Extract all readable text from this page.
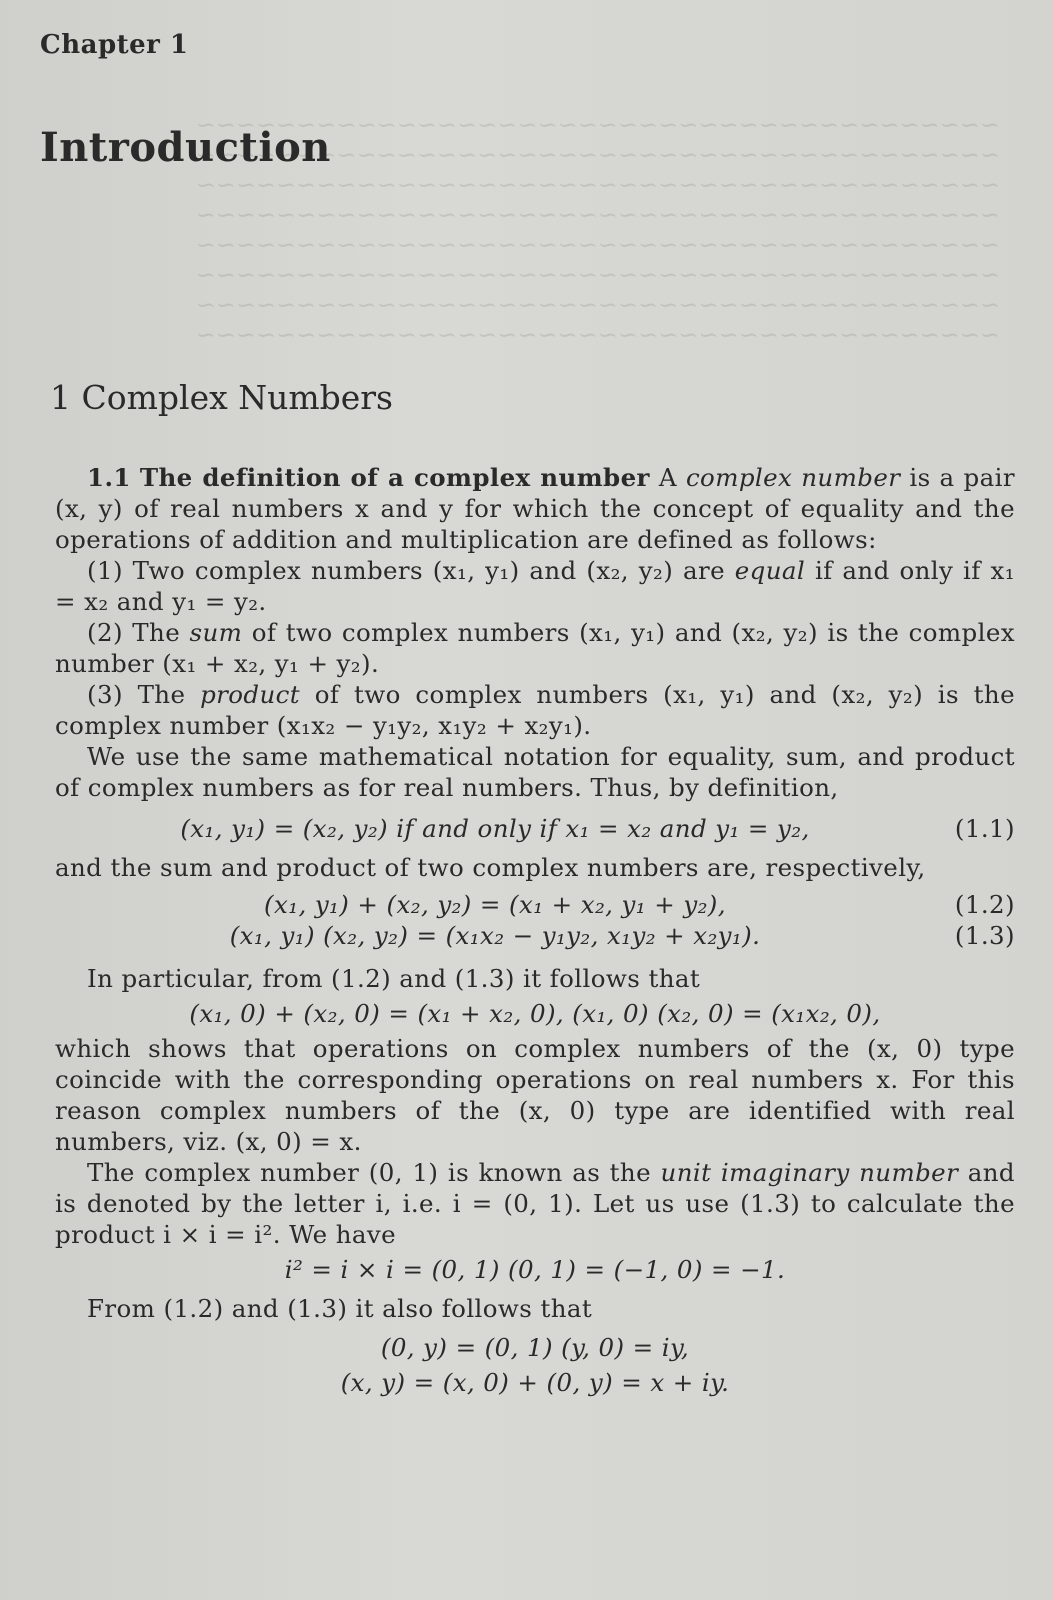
~~~~~~~~~~~~~~~~~~~~~~~~~~~~~~~~~~~~~~~~
~~~~~~~~~~~~~~~~~~~~~~~~~~~~~~~~~~~~~~~~
~~~~~~~~~~~~~~~~~~~~~~~~~~~~~~~~~~~~~~~~
~~~~~~~~~~~~~~~~~~~~~~~~~~~~~~~~~~~~~~~~
~~~~~~~~~~~~~~~~~~~~~~~~~~~~~~~~~~~~~~~~
~~~~~~~~~~~~~~~~~~~~~~~~~~~~~~~~~~~~~~~~
~~~~~~~~~~~~~~~~~~~~~~~~~~~~~~~~~~~~~~~~
~~~~~~~~~~~~~~~~~~~~~~~~~~~~~~~~~~~~~~~~
Chapter 1
Introduction
1 Complex Numbers

1.1 The definition of a complex number A complex number is a pair (x, y) of real numbers x and y for which the concept of equality and the operations of addition and multiplication are defined as follows:

(1) Two complex numbers (x₁, y₁) and (x₂, y₂) are equal if and only if x₁ = x₂ and y₁ = y₂.

(2) The sum of two complex numbers (x₁, y₁) and (x₂, y₂) is the complex number (x₁ + x₂, y₁ + y₂).

(3) The product of two complex numbers (x₁, y₁) and (x₂, y₂) is the complex number (x₁x₂ − y₁y₂, x₁y₂ + x₂y₁).

We use the same mathematical notation for equality, sum, and product of complex numbers as for real numbers. Thus, by definition,

(x₁, y₁) = (x₂, y₂) if and only if x₁ = x₂ and y₁ = y₂,	(1.1)

and the sum and product of two complex numbers are, respectively,

(x₁, y₁) + (x₂, y₂) = (x₁ + x₂, y₁ + y₂),	(1.2)
(x₁, y₁) (x₂, y₂) = (x₁x₂ − y₁y₂, x₁y₂ + x₂y₁).	(1.3)

In particular, from (1.2) and (1.3) it follows that

(x₁, 0) + (x₂, 0) = (x₁ + x₂, 0), (x₁, 0) (x₂, 0) = (x₁x₂, 0),

which shows that operations on complex numbers of the (x, 0) type coincide with the corresponding operations on real numbers x. For this reason complex numbers of the (x, 0) type are identified with real numbers, viz. (x, 0) = x.

The complex number (0, 1) is known as the unit imaginary number and is denoted by the letter i, i.e. i = (0, 1). Let us use (1.3) to calculate the product i × i = i². We have

i² = i × i = (0, 1) (0, 1) = (−1, 0) = −1.

From (1.2) and (1.3) it also follows that

(0, y) = (0, 1) (y, 0) = iy,
(x, y) = (x, 0) + (0, y) = x + iy.
